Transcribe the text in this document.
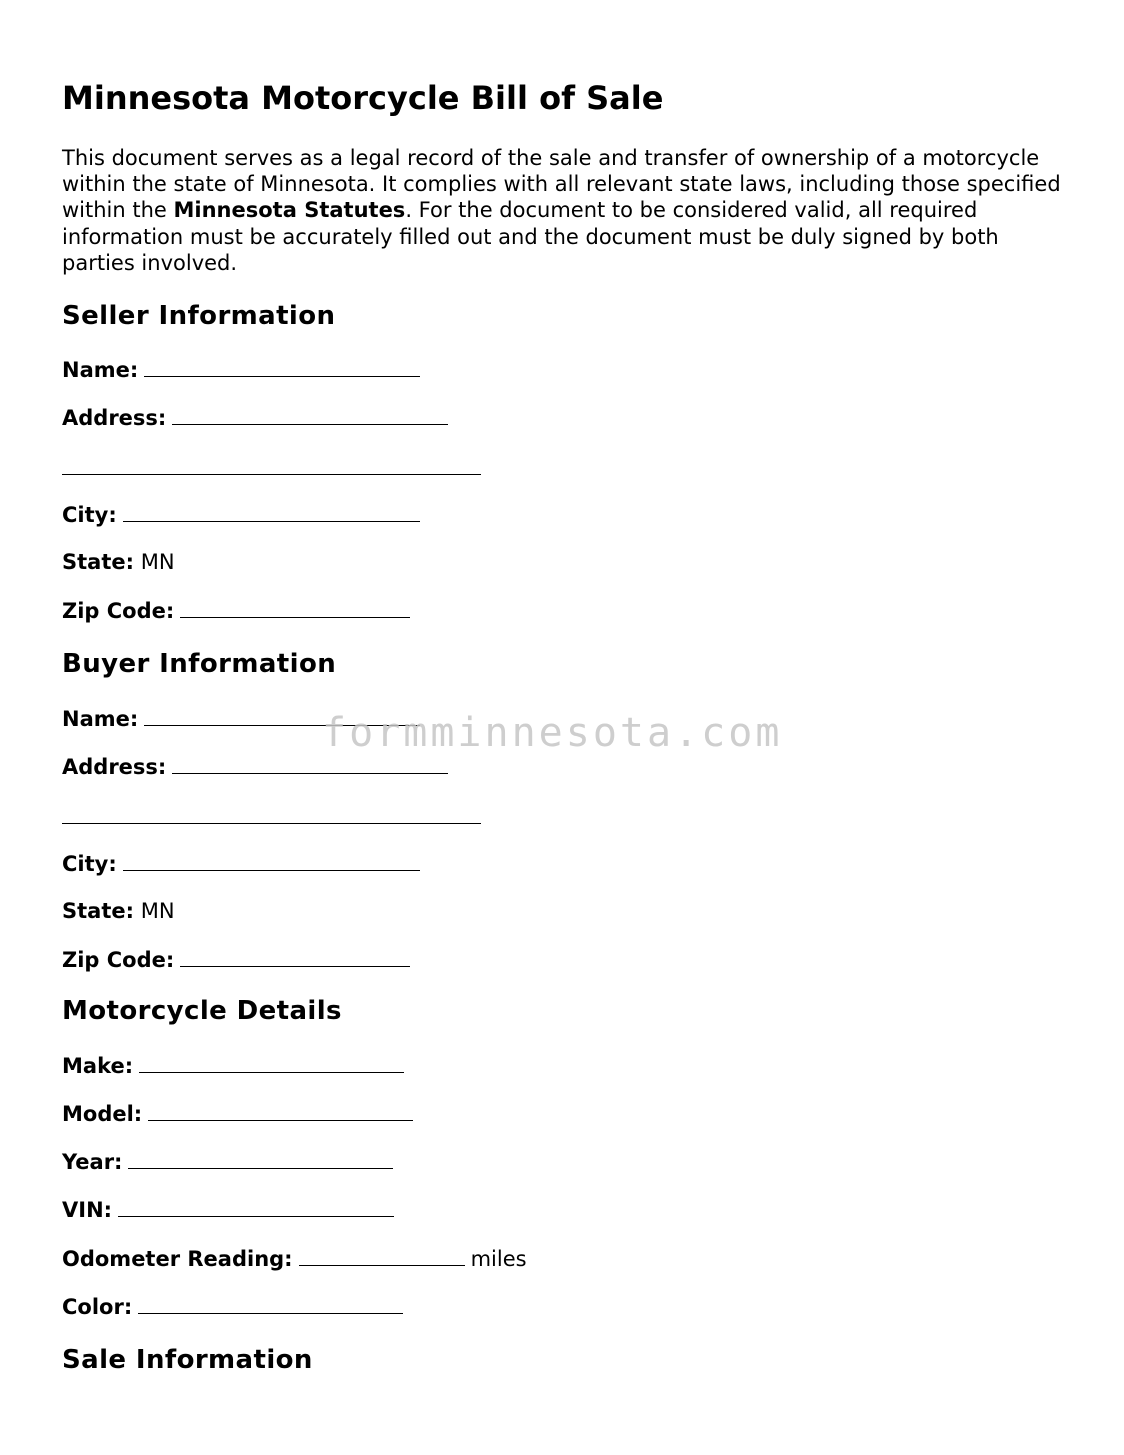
Minnesota Motorcycle Bill of Sale

This document serves as a legal record of the sale and transfer of ownership of a motorcycle within the state of Minnesota. It complies with all relevant state laws, including those specified within the Minnesota Statutes. For the document to be considered valid, all required information must be accurately filled out and the document must be duly signed by both parties involved.

Seller Information
Name:
Address:
City:
State: MN
Zip Code:
Buyer Information
Name:
Address:
City:
State: MN
Zip Code:
Motorcycle Details
Make:
Model:
Year:
VIN:
Odometer Reading:	miles
Color:
Sale Information
formminnesota.com
